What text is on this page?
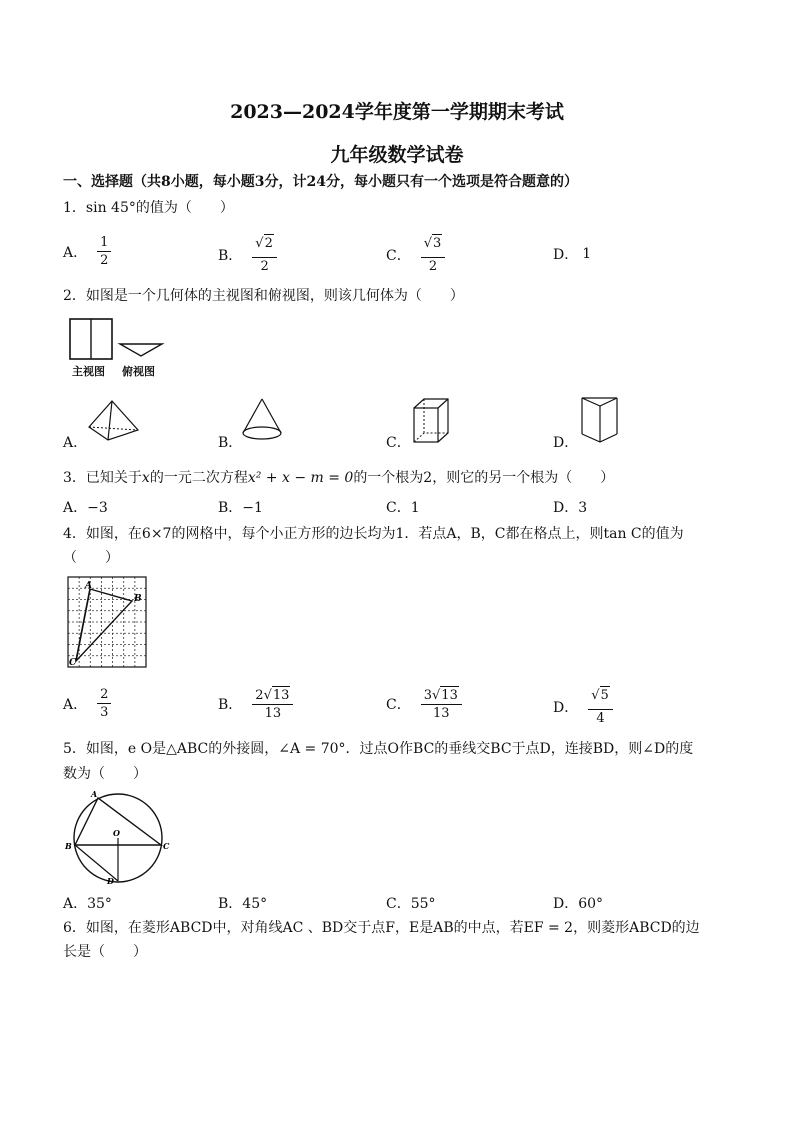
2023—2024学年度第一学期期末考试
九年级数学试卷
一、选择题（共8小题，每小题3分，计24分，每小题只有一个选项是符合题意的）
1．sin 45°的值为（　　）
A． $\frac{1}{2}$	B． $\frac{√ 2}{2}$	C． $\frac{√ 3}{2}$	D． 1
2．如图是一个几何体的主视图和俯视图，则该几何体为（　　）
主视图 俯视图
A．	B．	C．	D．
3．已知关于x的一元二次方程x² + x − m = 0的一个根为2，则它的另一个根为（　　）
A．−3	B．−1	C．1	D．3
4．如图，在6×7的网格中，每个小正方形的边长均为1．若点A，B，C都在格点上，则tan C的值为
（　　）
A
B
C
A． $\frac{2}{3}$	B． $\frac{2 √ 13}{13}$	C． $\frac{3 √ 13}{13}$	D． $\frac{√ 5}{4}$
5．如图，e O是△ABC的外接圆，∠A = 70°．过点O作BC的垂线交BC于点D，连接BD，则∠D的度
数为（　　）
A
B	C
O
D
A．35°	B．45°	C．55°	D．60°
6．如图，在菱形ABCD中，对角线AC 、BD交于点F，E是AB的中点，若EF = 2，则菱形ABCD的边
长是（　　）
